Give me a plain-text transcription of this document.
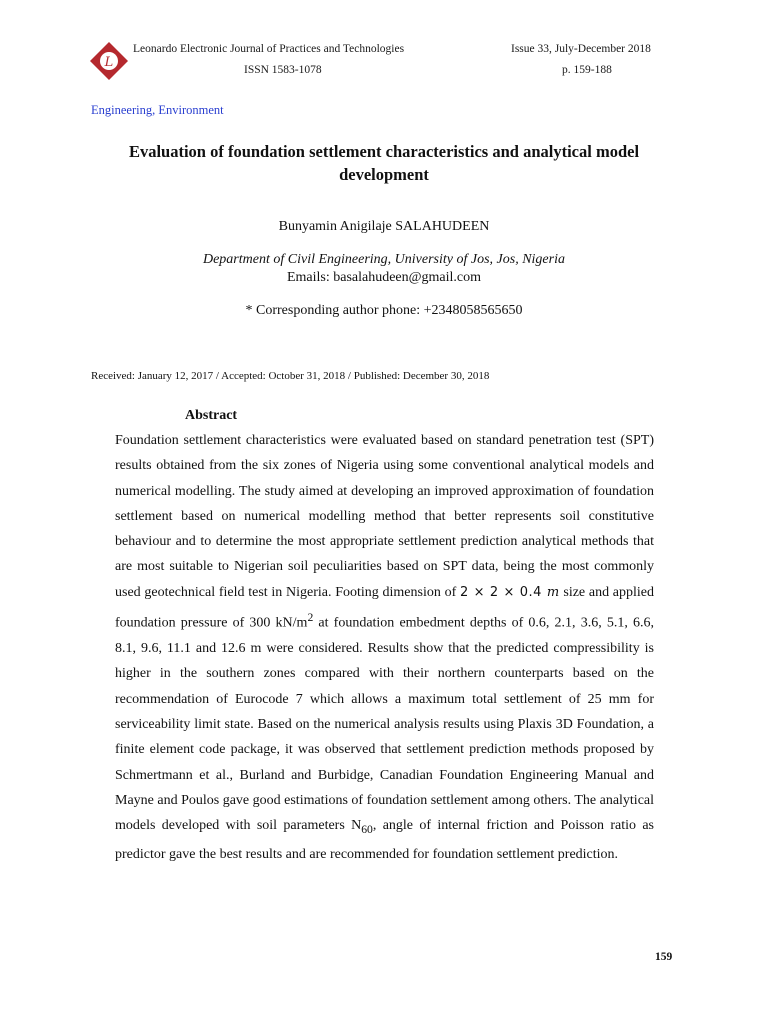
L
Leonardo Electronic Journal of Practices and Technologies	Issue 33, July-December 2018
ISSN 1583-1078	p. 159-188
Engineering, Environment
Evaluation of foundation settlement characteristics and analytical model development
Bunyamin Anigilaje SALAHUDEEN
Department of Civil Engineering, University of Jos, Jos, Nigeria
Emails: basalahudeen@gmail.com
* Corresponding author phone: +2348058565650
Received: January 12, 2017 / Accepted: October 31, 2018 / Published: December 30, 2018
Abstract

Foundation settlement characteristics were evaluated based on standard penetration test (SPT) results obtained from the six zones of Nigeria using some conventional analytical models and numerical modelling. The study aimed at developing an improved approximation of foundation settlement based on numerical modelling method that better represents soil constitutive behaviour and to determine the most appropriate settlement prediction analytical methods that are most suitable to Nigerian soil peculiarities based on SPT data, being the most commonly used geotechnical field test in Nigeria. Footing dimension of 2 × 2 × 0.4 m size and applied foundation pressure of 300 $kN/m^2$ at foundation embedment depths of 0.6, 2.1, 3.6, 5.1, 6.6, 8.1, 9.6, 11.1 and 12.6 m were considered. Results show that the predicted compressibility is higher in the southern zones compared with their northern counterparts based on the recommendation of Eurocode 7 which allows a maximum total settlement of 25 mm for serviceability limit state. Based on the numerical analysis results using Plaxis 3D Foundation, a finite element code package, it was observed that settlement prediction methods proposed by Schmertmann et al., Burland and Burbidge, Canadian Foundation Engineering Manual and Mayne and Poulos gave good estimations of foundation settlement among others. The analytical models developed with soil parameters $N_{60}$, angle of internal friction and Poisson ratio as predictor gave the best results and are recommended for foundation settlement prediction.

159
